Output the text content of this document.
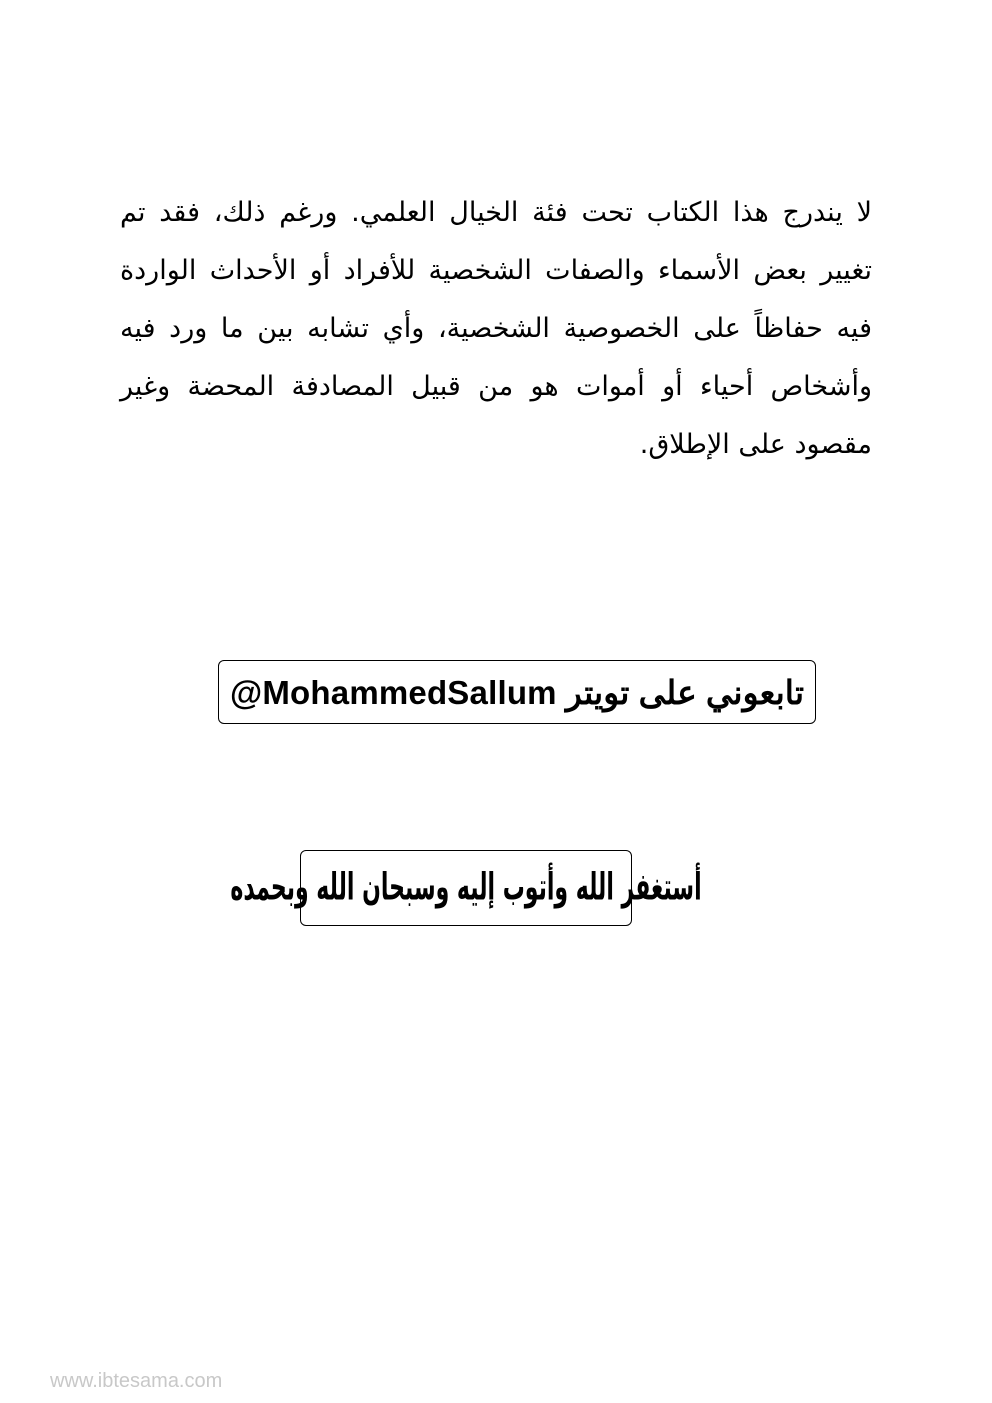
لا يندرج هذا الكتاب تحت فئة الخيال العلمي. ورغم ذلك، فقد تم تغيير بعض الأسماء والصفات الشخصية للأفراد أو الأحداث الواردة فيه حفاظاً على الخصوصية الشخصية، وأي تشابه بين ما ورد فيه وأشخاص أحياء أو أموات هو من قبيل المصادفة المحضة وغير مقصود على الإطلاق.

تابعوني على تويتر MohammedSallum@
أستغفر الله وأتوب إليه وسبحان الله وبحمده
www.ibtesama.com
